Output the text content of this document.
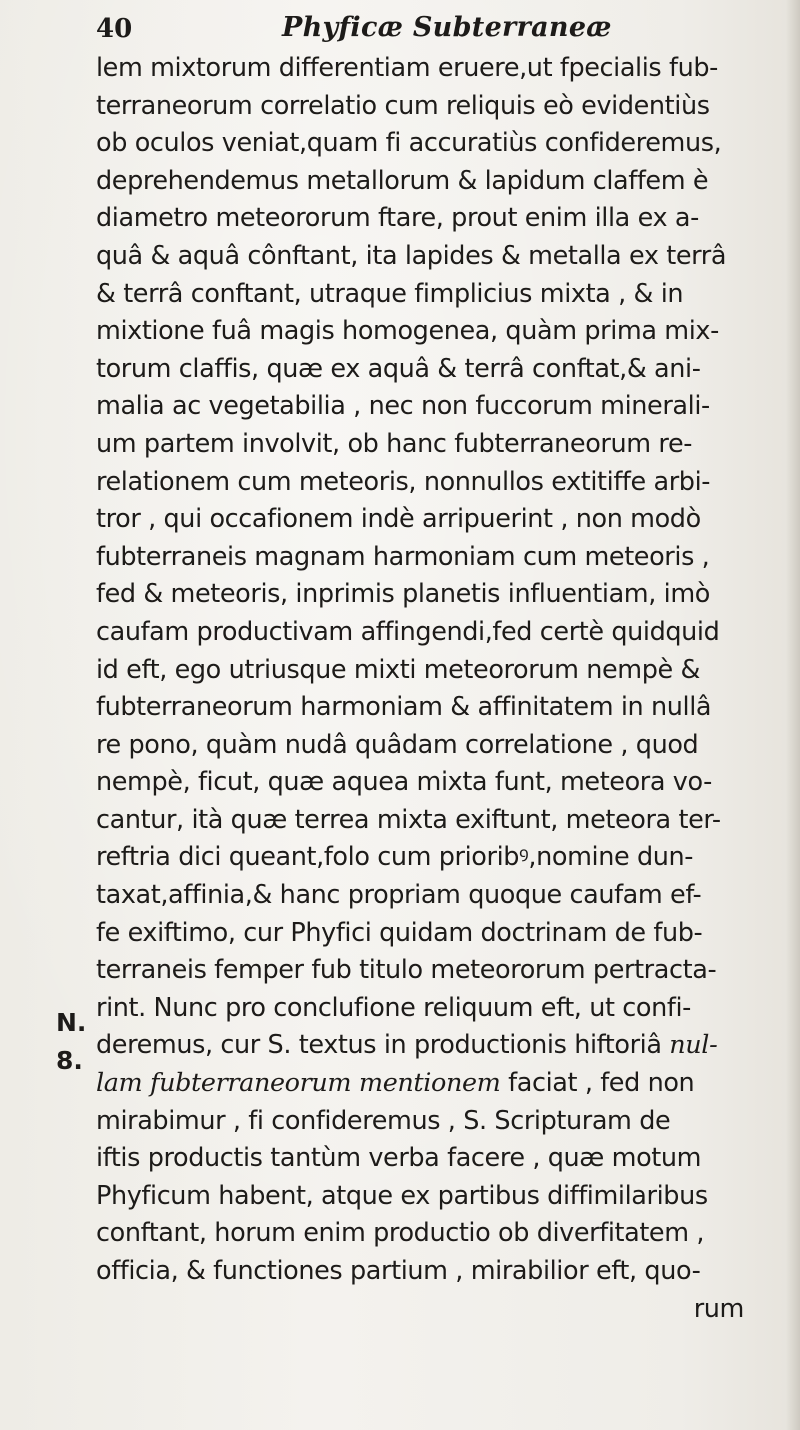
40	Phyficæ Subterraneæ
N.
8.
lem mixtorum differentiam eruere,ut fpecialis fub-
terraneorum correlatio cum reliquis eò evidentiùs
ob oculos veniat,quam fi accuratiùs confideremus,
deprehendemus metallorum & lapidum claffem è
diametro meteororum ftare, prout enim illa ex a-
quâ & aquâ cônftant, ita lapides & metalla ex terrâ
& terrâ conftant, utraque fimplicius mixta , & in
mixtione fuâ magis homogenea, quàm prima mix-
torum claffis, quæ ex aquâ & terrâ conftat,& ani-
malia ac vegetabilia , nec non fuccorum minerali-
um partem involvit, ob hanc fubterraneorum re-
relationem cum meteoris, nonnullos extitiffe arbi-
tror , qui occafionem indè arripuerint , non modò
fubterraneis magnam harmoniam cum meteoris ,
fed & meteoris, inprimis planetis influentiam, imò
caufam productivam affingendi,fed certè quidquid
id eft, ego utriusque mixti meteororum nempè &
fubterraneorum harmoniam & affinitatem in nullâ
re pono, quàm nudâ quâdam correlatione , quod
nempè, ficut, quæ aquea mixta funt, meteora vo-
cantur, ità quæ terrea mixta exiftunt, meteora ter-
reftria dici queant,folo cum prioribꝰ,nomine dun-
taxat,affinia,& hanc propriam quoque caufam ef-
fe exiftimo, cur Phyfici quidam doctrinam de fub-
terraneis femper fub titulo meteororum pertracta-
rint. Nunc pro conclufione reliquum eft, ut confi-
deremus, cur S. textus in productionis hiftoriâ nul-
lam fubterraneorum mentionem faciat , fed non
mirabimur , fi confideremus , S. Scripturam de
iftis productis tantùm verba facere , quæ motum
Phyficum habent, atque ex partibus diffimilaribus
conftant, horum enim productio ob diverfitatem ,
officia, & functiones partium , mirabilior eft, quo-
rum
